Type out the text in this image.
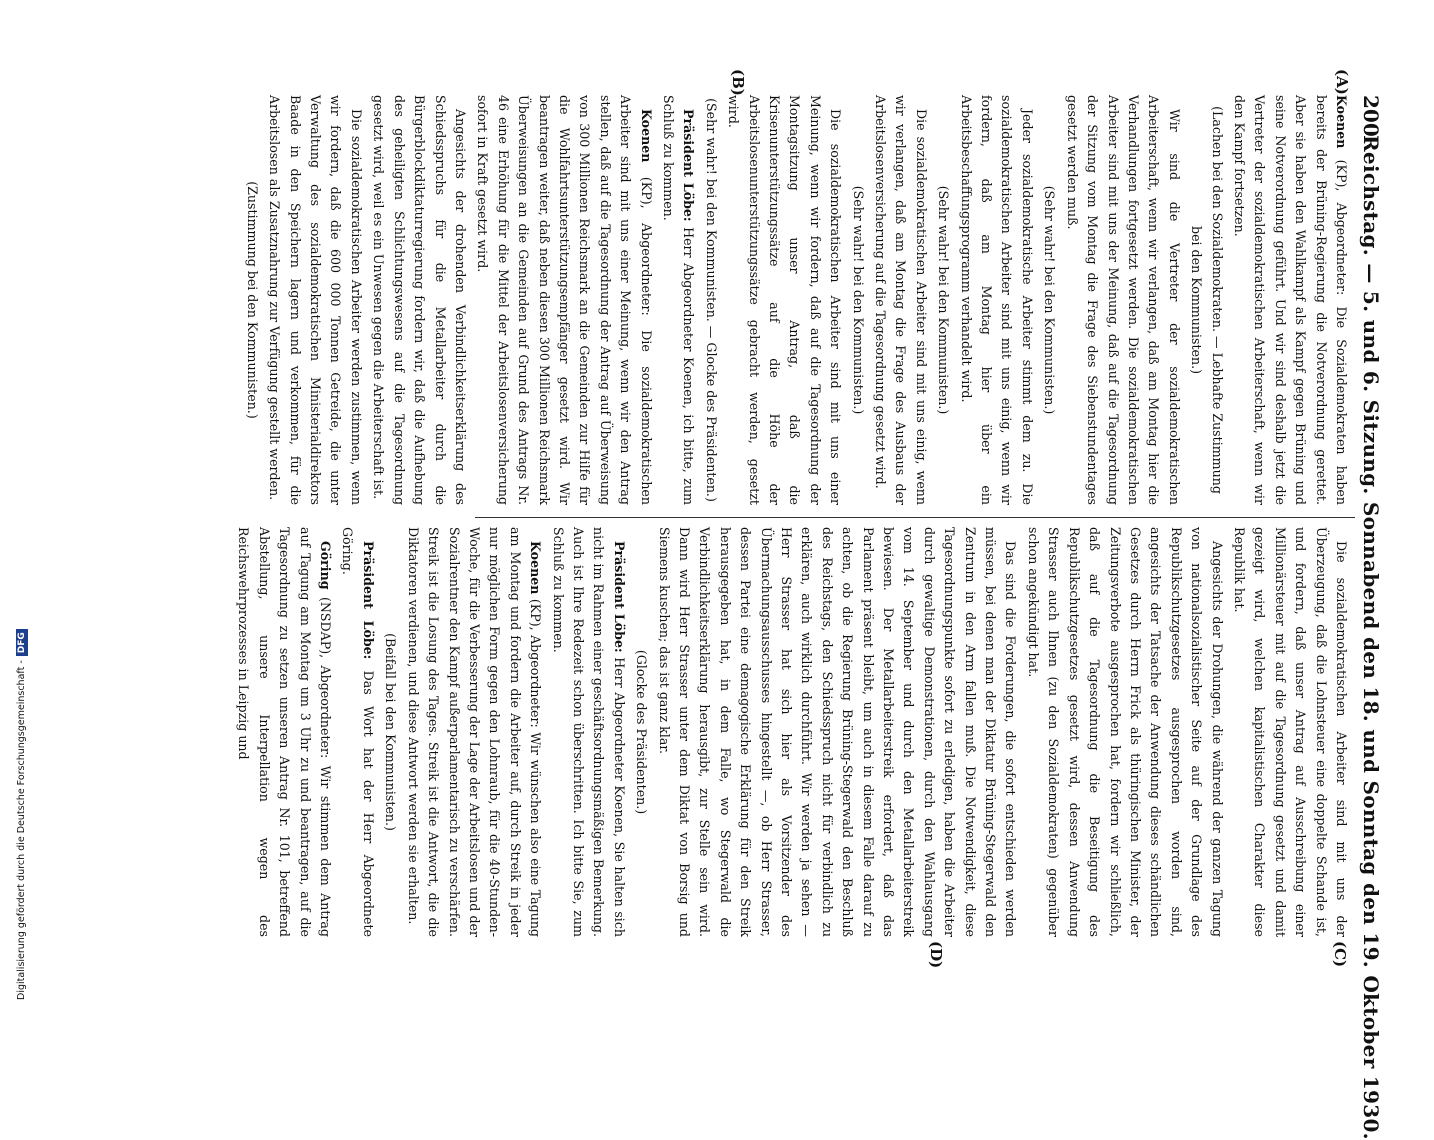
200
Reichstag. — 5. und 6. Sitzung. Sonnabend den 18. und Sonntag den 19. Oktober 1930.
(A)
(B)
(C)
(D)

Koenen (KP), Abgeordneter: Die Sozialdemokraten haben bereits der Brüning-Regierung die Notverordnung gerettet. Aber sie haben den Wahlkampf als Kampf gegen Brüning und seine Notverordnung geführt. Und wir sind deshalb jetzt die Vertreter der sozialdemokratischen Arbeiterschaft, wenn wir den Kampf fortsetzen.

(Lachen bei den Sozialdemokraten. — Lebhafte Zustimmung bei den Kommunisten.)

Wir sind die Vertreter der sozialdemokratischen Arbeiterschaft, wenn wir verlangen, daß am Montag hier die Verhandlungen fortgesetzt werden. Die sozialdemokratischen Arbeiter sind mit uns der Meinung, daß auf die Tagesordnung der Sitzung vom Montag die Frage des Siebenstundentages gesetzt werden muß.

(Sehr wahr! bei den Kommunisten.)

Jeder sozialdemokratische Arbeiter stimmt dem zu. Die sozialdemokratischen Arbeiter sind mit uns einig, wenn wir fordern, daß am Montag hier über ein Arbeitsbeschaffungsprogramm verhandelt wird.

(Sehr wahr! bei den Kommunisten.)

Die sozialdemokratischen Arbeiter sind mit uns einig, wenn wir verlangen, daß am Montag die Frage des Ausbaus der Arbeitslosenversicherung auf die Tagesordnung gesetzt wird.

(Sehr wahr! bei den Kommunisten.)

Die sozialdemokratischen Arbeiter sind mit uns einer Meinung, wenn wir fordern, daß auf die Tagesordnung der Montagsitzung unser Antrag, daß die Krisenunterstützungssätze auf die Höhe der Arbeitslosenunterstützungssätze gebracht werden, gesetzt wird.

(Sehr wahr! bei den Kommunisten. — Glocke des Präsidenten.)

Präsident Löbe: Herr Abgeordneter Koenen, ich bitte, zum Schluß zu kommen.

Koenen (KP), Abgeordneter: Die sozialdemokratischen Arbeiter sind mit uns einer Meinung, wenn wir den Antrag stellen, daß auf die Tagesordnung der Antrag auf Überweisung von 300 Millionen Reichsmark an die Gemeinden zur Hilfe für die Wohlfahrtsunterstützungsempfänger gesetzt wird. Wir beantragen weiter, daß neben diesen 300 Millionen Reichsmark Überweisungen an die Gemeinden auf Grund des Antrags Nr. 46 eine Erhöhung für die Mittel der Arbeitslosenversicherung sofort in Kraft gesetzt wird.

Angesichts der drohenden Verbindlichkeitserklärung des Schiedsspruchs für die Metallarbeiter durch die Bürgerblockdiktaturregierung fordern wir, daß die Aufhebung des geheiligten Schlichtungswesens auf die Tagesordnung gesetzt wird, weil es ein Unwesen gegen die Arbeiterschaft ist.

Die sozialdemokratischen Arbeiter werden zustimmen, wenn wir fordern, daß die 600 000 Tonnen Getreide, die unter Verwaltung des sozialdemokratischen Ministerialdirektors Baade in den Speichern lagern und verkommen, für die Arbeitslosen als Zusatznahrung zur Verfügung gestellt werden.

(Zustimmung bei den Kommunisten.)

Die sozialdemokratischen Arbeiter sind mit uns der Überzeugung, daß die Lohnsteuer eine doppelte Schande ist, und fordern, daß unser Antrag auf Ausschreibung einer Millionärsteuer mit auf die Tagesordnung gesetzt und damit gezeigt wird, welchen kapitalistischen Charakter diese Republik hat.

Angesichts der Drohungen, die während der ganzen Tagung von nationalsozialistischer Seite auf der Grundlage des Republikschutzgesetzes ausgesprochen worden sind, angesichts der Tatsache der Anwendung dieses schändlichen Gesetzes durch Herrn Frick als thüringischen Minister, der Zeitungsverbote ausgesprochen hat, fordern wir schließlich, daß auf die Tagesordnung die Beseitigung des Republikschutzgesetzes gesetzt wird, dessen Anwendung Strasser auch Ihnen (zu den Sozialdemokraten) gegenüber schon angekündigt hat.

Das sind die Forderungen, die sofort entschieden werden müssen, bei denen man der Diktatur Brüning-Stegerwald den Zentrum in den Arm fallen muß. Die Notwendigkeit, diese Tagesordnungspunkte sofort zu erledigen, haben die Arbeiter durch gewaltige Demonstrationen, durch den Wahlausgang vom 14. September und durch den Metallarbeiterstreik bewiesen. Der Metallarbeiterstreik erfordert, daß das Parlament präsent bleibt, um auch in diesem Falle darauf zu achten, ob die Regierung Brüning-Stegerwald den Beschluß des Reichstags, den Schiedsspruch nicht für verbindlich zu erklären, auch wirklich durchführt. Wir werden ja sehen — Herr Strasser hat sich hier als Vorsitzender des Übermachungsausschusses hingestellt —, ob Herr Strasser, dessen Partei eine demagogische Erklärung für den Streik herausgegeben hat, in dem Falle, wo Stegerwald die Verbindlichkeitserklärung herausgibt, zur Stelle sein wird. Dann wird Herr Strasser unter dem Diktat von Borsig und Siemens kuschen; das ist ganz klar.

(Glocke des Präsidenten.)

Präsident Löbe: Herr Abgeordneter Koenen, Sie halten sich nicht im Rahmen einer geschäftsordnungsmäßigen Bemerkung. Auch ist Ihre Redezeit schon überschritten. Ich bitte Sie, zum Schluß zu kommen.

Koenen (KP), Abgeordneter: Wir wünschen also eine Tagung am Montag und fordern die Arbeiter auf, durch Streik in jeder nur möglichen Form gegen den Lohnraub, für die 40-Stunden-Woche, für die Verbesserung der Lage der Arbeitslosen und der Sozialrentner den Kampf außerparlamentarisch zu verschärfen. Streik ist die Losung des Tages. Streik ist die Antwort, die die Diktatoren verdienen, und diese Antwort werden sie erhalten.

(Beifall bei den Kommunisten.)

Präsident Löbe: Das Wort hat der Herr Abgeordnete Göring.

Göring (NSDAP), Abgeordneter: Wir stimmen dem Antrag auf Tagung am Montag um 3 Uhr zu und beantragen, auf die Tagesordnung zu setzen unseren Antrag Nr. 101, betreffend Abstellung, unsere Interpellation wegen des Reichswehrprozesses in Leipzig und

Digitalisierung gefördert durch die Deutsche Forschungsgemeinschaft -DFG
